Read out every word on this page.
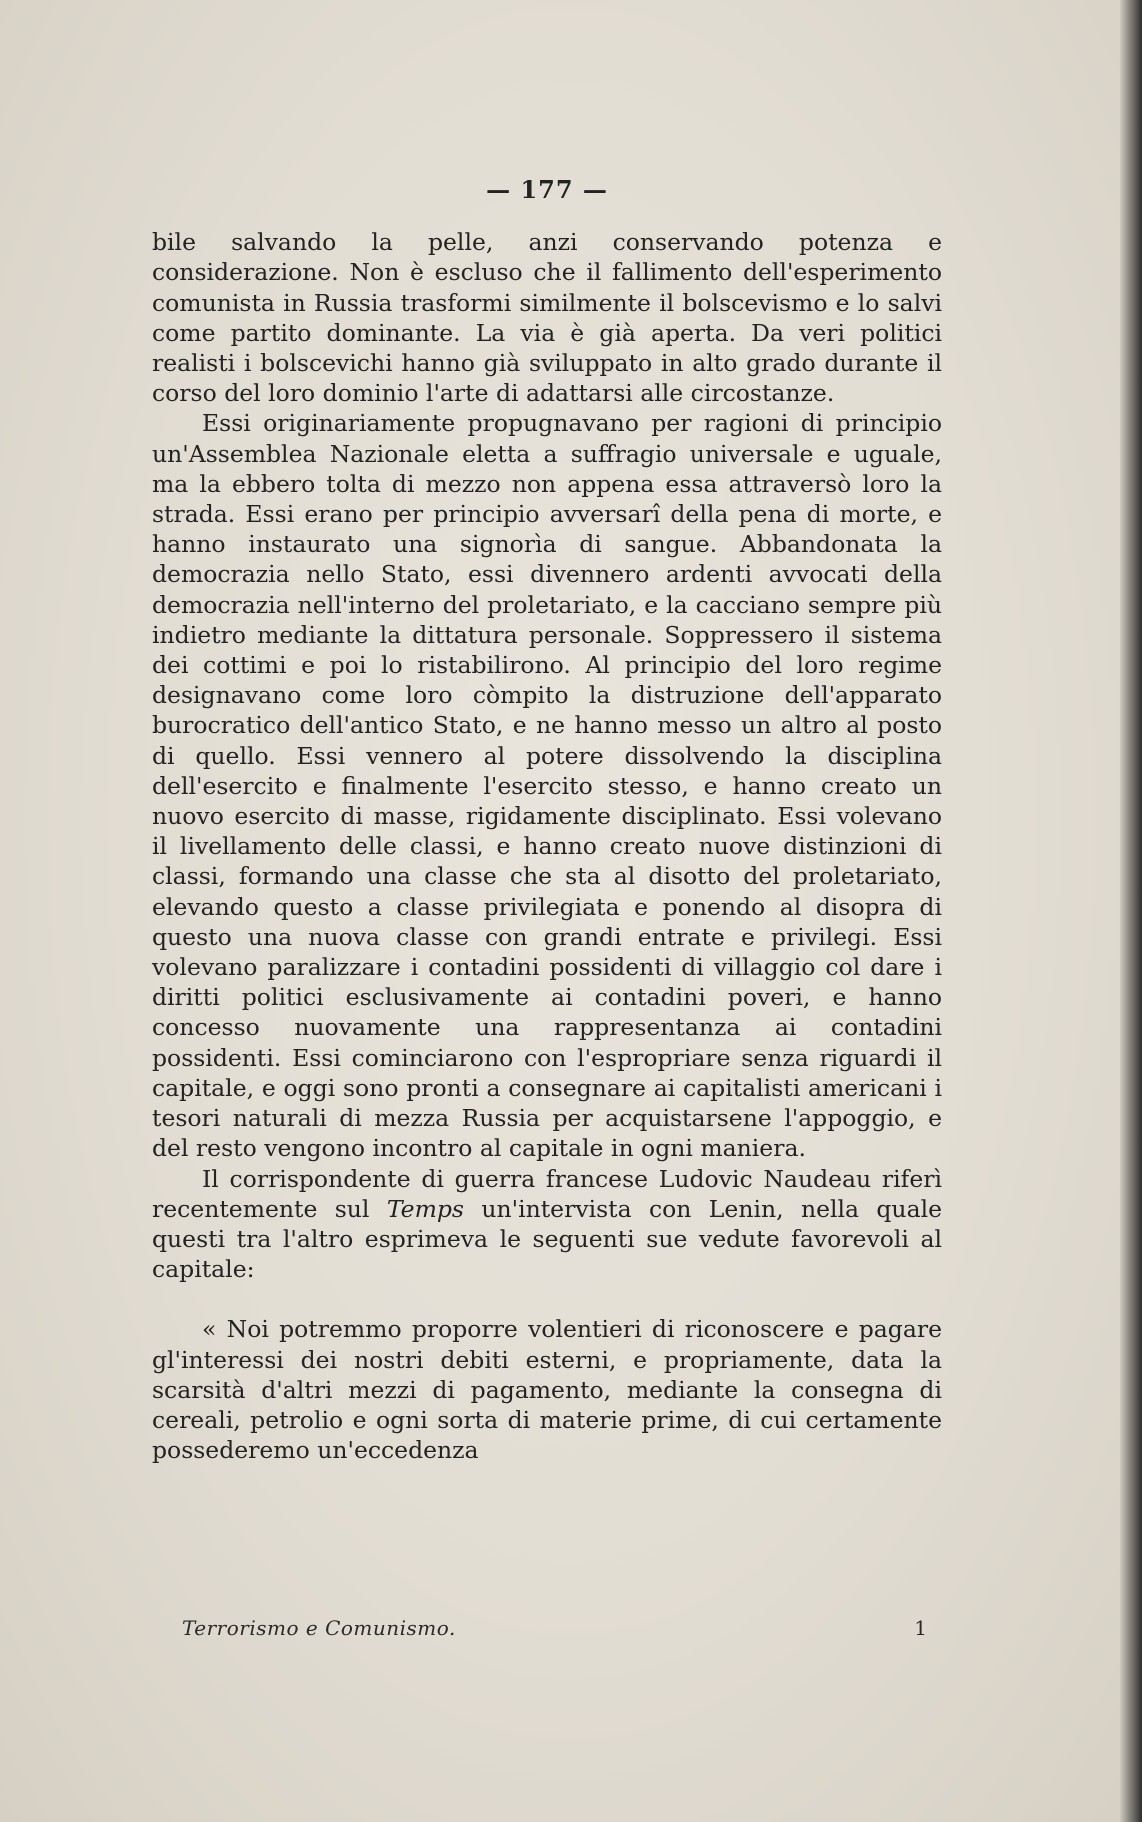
— 177 —

bile salvando la pelle, anzi conservando potenza e considerazione. Non è escluso che il fallimento dell'esperimento comunista in Russia trasformi similmente il bolscevismo e lo salvi come partito dominante. La via è già aperta. Da veri politici realisti i bolscevichi hanno già sviluppato in alto grado durante il corso del loro dominio l'arte di adattarsi alle circostanze.

Essi originariamente propugnavano per ragioni di principio un'Assemblea Nazionale eletta a suffragio universale e uguale, ma la ebbero tolta di mezzo non appena essa attraversò loro la strada. Essi erano per principio avversarî della pena di morte, e hanno instaurato una signorìa di sangue. Abbandonata la democrazia nello Stato, essi divennero ardenti avvocati della democrazia nell'interno del proletariato, e la cacciano sempre più indietro mediante la dittatura personale. Soppressero il sistema dei cottimi e poi lo ristabilirono. Al principio del loro regime designavano come loro còmpito la distruzione dell'apparato burocratico dell'antico Stato, e ne hanno messo un altro al posto di quello. Essi vennero al potere dissolvendo la disciplina dell'esercito e finalmente l'esercito stesso, e hanno creato un nuovo esercito di masse, rigidamente disciplinato. Essi volevano il livellamento delle classi, e hanno creato nuove distinzioni di classi, formando una classe che sta al disotto del proletariato, elevando questo a classe privilegiata e ponendo al disopra di questo una nuova classe con grandi entrate e privilegi. Essi volevano paralizzare i contadini possidenti di villaggio col dare i diritti politici esclusivamente ai contadini poveri, e hanno concesso nuovamente una rappresentanza ai contadini possidenti. Essi cominciarono con l'espropriare senza riguardi il capitale, e oggi sono pronti a consegnare ai capitalisti americani i tesori naturali di mezza Russia per acquistarsene l'appoggio, e del resto vengono incontro al capitale in ogni maniera.

Il corrispondente di guerra francese Ludovic Naudeau riferì recentemente sul Temps un'intervista con Lenin, nella quale questi tra l'altro esprimeva le seguenti sue vedute favorevoli al capitale:

« Noi potremmo proporre volentieri di riconoscere e pagare gl'interessi dei nostri debiti esterni, e propriamente, data la scarsità d'altri mezzi di pagamento, mediante la consegna di cereali, petrolio e ogni sorta di materie prime, di cui certamente possederemo un'eccedenza

Terrorismo e Comunismo.	1
